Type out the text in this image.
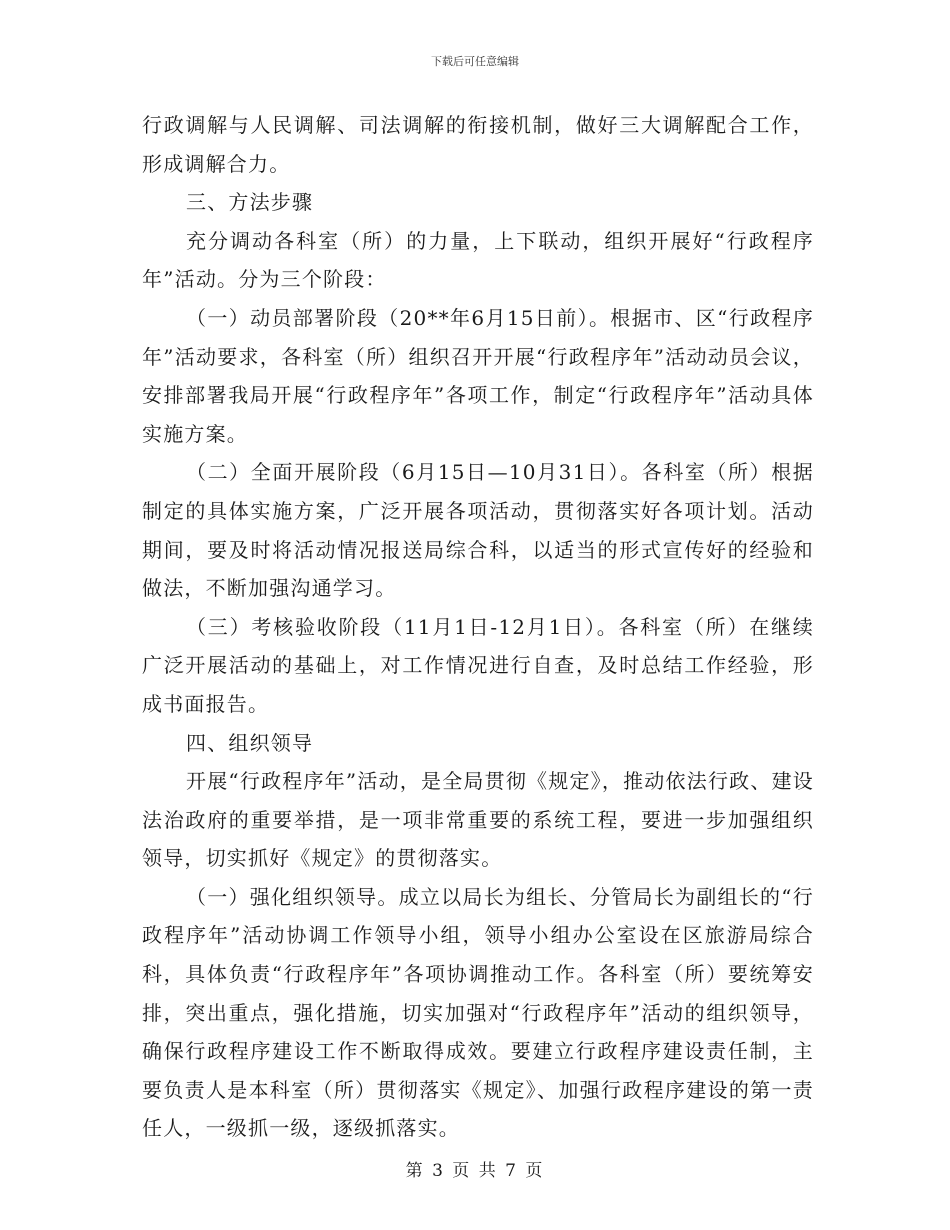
下载后可任意编辑

行政调解与人民调解、司法调解的衔接机制，做好三大调解配合工作，形成调解合力。

三、方法步骤

充分调动各科室（所）的力量，上下联动，组织开展好“行政程序年”活动。分为三个阶段：

（一）动员部署阶段（20**年6月15日前）。根据市、区“行政程序年”活动要求，各科室（所）组织召开开展“行政程序年”活动动员会议，安排部署我局开展“行政程序年”各项工作，制定“行政程序年”活动具体实施方案。

（二）全面开展阶段（6月15日—10月31日）。各科室（所）根据制定的具体实施方案，广泛开展各项活动，贯彻落实好各项计划。活动期间，要及时将活动情况报送局综合科，以适当的形式宣传好的经验和做法，不断加强沟通学习。

（三）考核验收阶段（11月1日-12月1日）。各科室（所）在继续广泛开展活动的基础上，对工作情况进行自查，及时总结工作经验，形成书面报告。

四、组织领导

开展“行政程序年”活动，是全局贯彻《规定》，推动依法行政、建设法治政府的重要举措，是一项非常重要的系统工程，要进一步加强组织领导，切实抓好《规定》的贯彻落实。

（一）强化组织领导。成立以局长为组长、分管局长为副组长的“行政程序年”活动协调工作领导小组，领导小组办公室设在区旅游局综合科，具体负责“行政程序年”各项协调推动工作。各科室（所）要统筹安排，突出重点，强化措施，切实加强对“行政程序年”活动的组织领导，确保行政程序建设工作不断取得成效。要建立行政程序建设责任制，主要负责人是本科室（所）贯彻落实《规定》、加强行政程序建设的第一责任人，一级抓一级，逐级抓落实。

第 3 页 共 7 页
